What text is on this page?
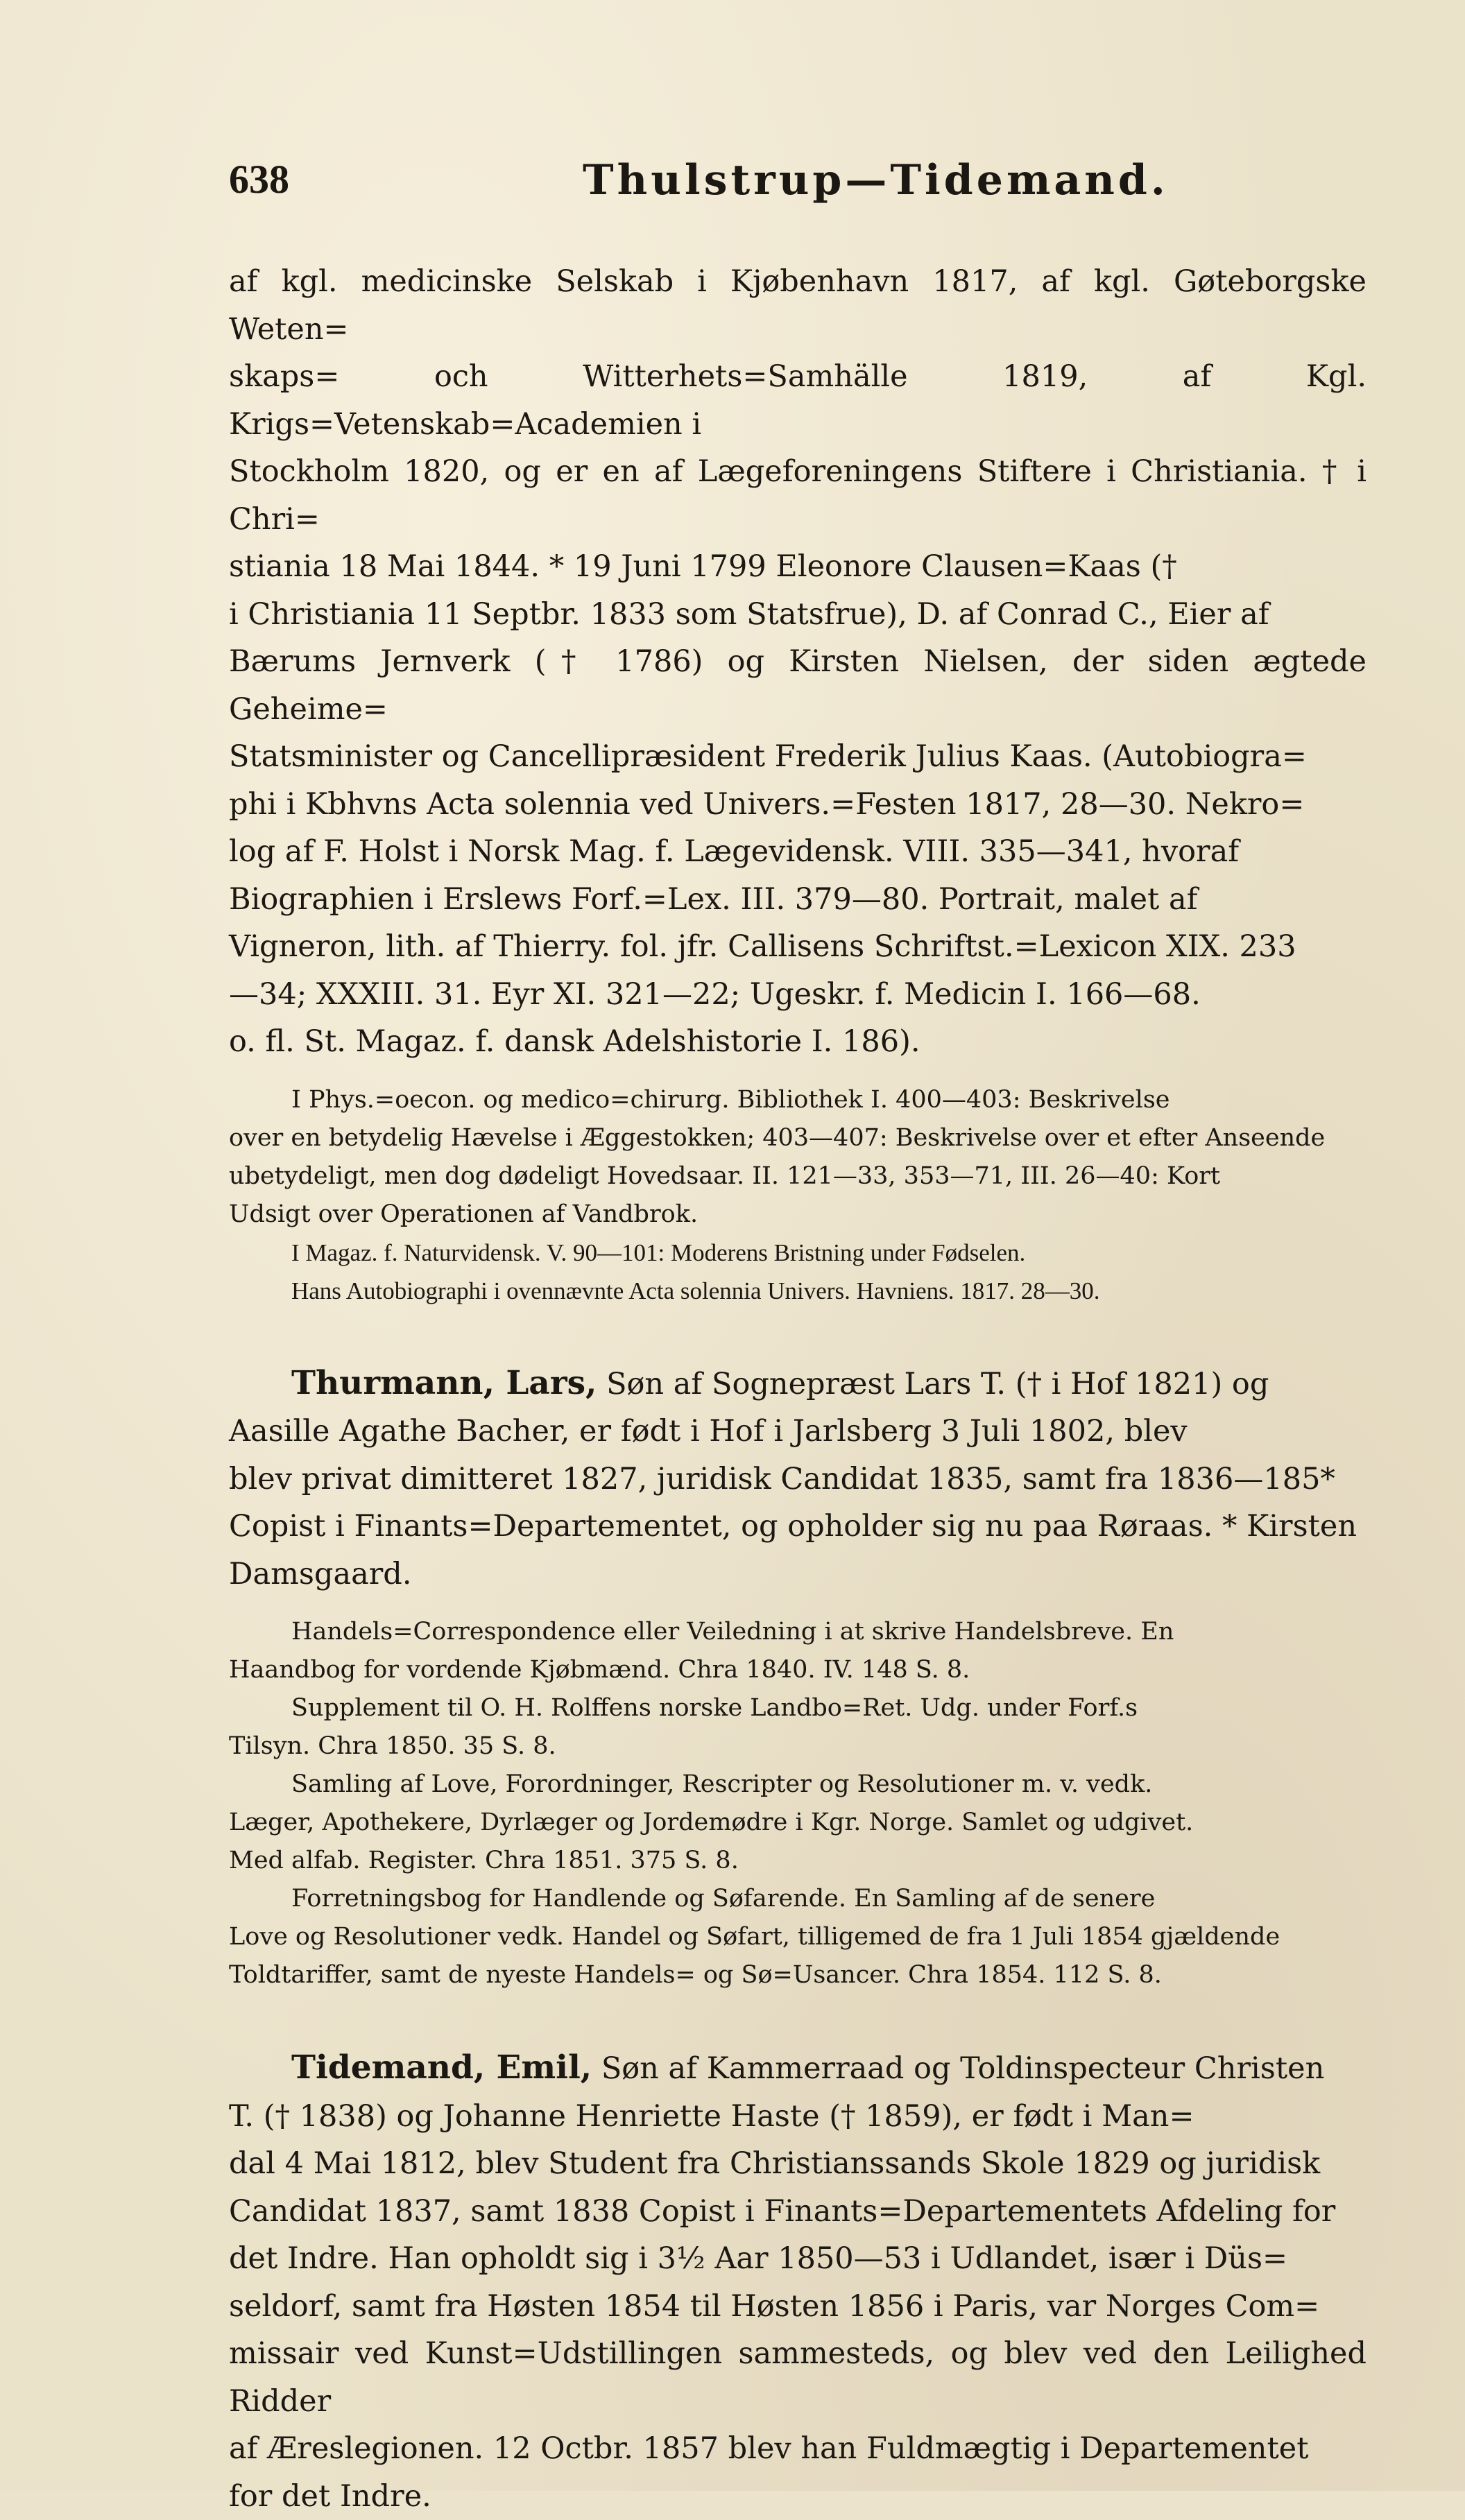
638	Thulstrup—Tidemand.

af kgl. medicinske Selskab i Kjøbenhavn 1817, af kgl. Gøteborgske Weten=

skaps= och Witterhets=Samhälle 1819, af Kgl. Krigs=Vetenskab=Academien i

Stockholm 1820, og er en af Lægeforeningens Stiftere i Christiania. † i Chri=

stiania 18 Mai 1844. * 19 Juni 1799 Eleonore Clausen=Kaas (†

i Christiania 11 Septbr. 1833 som Statsfrue), D. af Conrad C., Eier af

Bærums Jernverk († 1786) og Kirsten Nielsen, der siden ægtede Geheime=

Statsminister og Cancellipræsident Frederik Julius Kaas. (Autobiogra=

phi i Kbhvns Acta solennia ved Univers.=Festen 1817, 28—30. Nekro=

log af F. Holst i Norsk Mag. f. Lægevidensk. VIII. 335—341, hvoraf

Biographien i Erslews Forf.=Lex. III. 379—80. Portrait, malet af

Vigneron, lith. af Thierry. fol. jfr. Callisens Schriftst.=Lexicon XIX. 233

—34; XXXIII. 31. Eyr XI. 321—22; Ugeskr. f. Medicin I. 166—68.

o. fl. St. Magaz. f. dansk Adelshistorie I. 186).

I Phys.=oecon. og medico=chirurg. Bibliothek I. 400—403: Beskrivelse

over en betydelig Hævelse i Æggestokken; 403—407: Beskrivelse over et efter Anseende

ubetydeligt, men dog dødeligt Hovedsaar. II. 121—33, 353—71, III. 26—40: Kort

Udsigt over Operationen af Vandbrok.

I Magaz. f. Naturvidensk. V. 90—101: Moderens Bristning under Fødselen.

Hans Autobiographi i ovennævnte Acta solennia Univers. Havniens. 1817. 28—30.

Thurmann, Lars, Søn af Sognepræst Lars T. († i Hof 1821) og

Aasille Agathe Bacher, er født i Hof i Jarlsberg 3 Juli 1802, blev

blev privat dimitteret 1827, juridisk Candidat 1835, samt fra 1836—185*

Copist i Finants=Departementet, og opholder sig nu paa Røraas. * Kirsten

Damsgaard.

Handels=Correspondence eller Veiledning i at skrive Handelsbreve. En

Haandbog for vordende Kjøbmænd. Chra 1840. IV. 148 S. 8.

Supplement til O. H. Rolffens norske Landbo=Ret. Udg. under Forf.s

Tilsyn. Chra 1850. 35 S. 8.

Samling af Love, Forordninger, Rescripter og Resolutioner m. v. vedk.

Læger, Apothekere, Dyrlæger og Jordemødre i Kgr. Norge. Samlet og udgivet.

Med alfab. Register. Chra 1851. 375 S. 8.

Forretningsbog for Handlende og Søfarende. En Samling af de senere

Love og Resolutioner vedk. Handel og Søfart, tilligemed de fra 1 Juli 1854 gjældende

Toldtariffer, samt de nyeste Handels= og Sø=Usancer. Chra 1854. 112 S. 8.

Tidemand, Emil, Søn af Kammerraad og Toldinspecteur Christen

T. († 1838) og Johanne Henriette Haste († 1859), er født i Man=

dal 4 Mai 1812, blev Student fra Christianssands Skole 1829 og juridisk

Candidat 1837, samt 1838 Copist i Finants=Departementets Afdeling for

det Indre. Han opholdt sig i 3½ Aar 1850—53 i Udlandet, især i Düs=

seldorf, samt fra Høsten 1854 til Høsten 1856 i Paris, var Norges Com=

missair ved Kunst=Udstillingen sammesteds, og blev ved den Leilighed Ridder

af Æreslegionen. 12 Octbr. 1857 blev han Fuldmægtig i Departementet

for det Indre.
